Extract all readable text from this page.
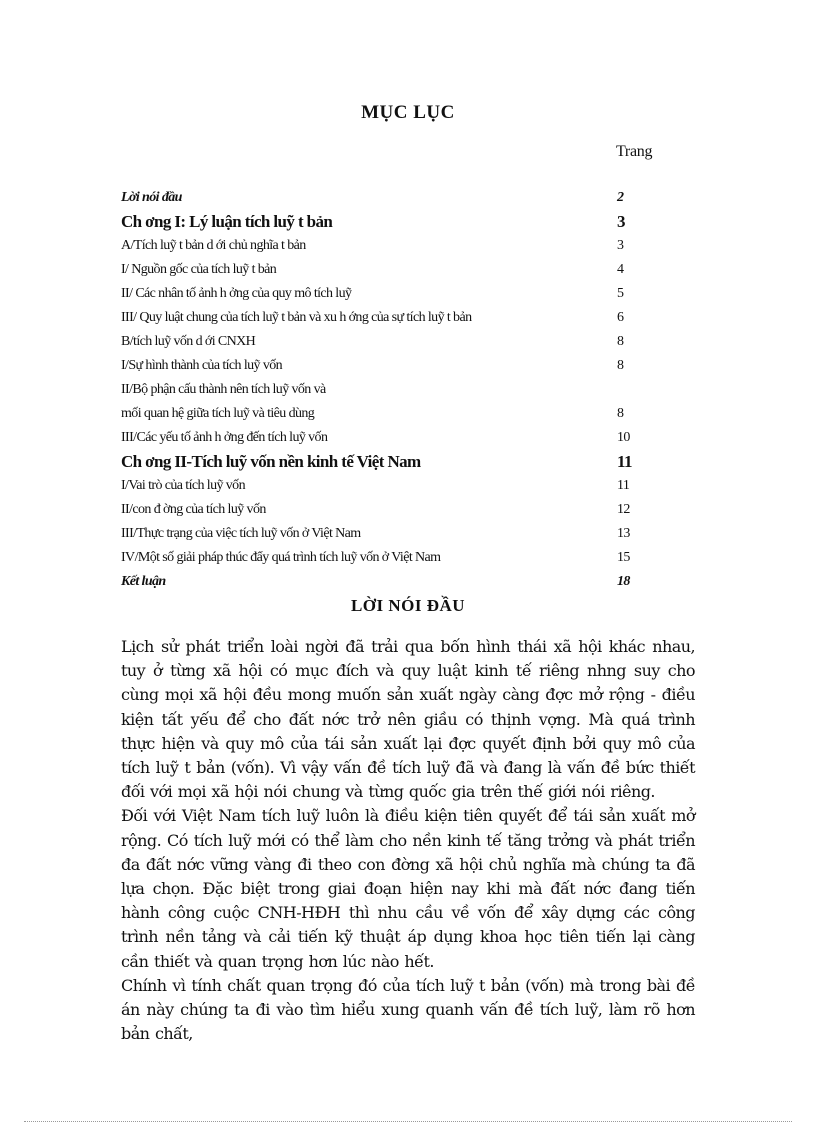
MỤC LỤC
Trang
Lời nói đầu	2
Ch ơng I: Lý luận tích luỹ t bản	3
A/Tích luỹ t bản d ới chủ nghĩa t bản	3
I/ Nguồn gốc của tích luỹ t bản	4
II/ Các nhân tố ảnh h ởng của quy mô tích luỹ	5
III/ Quy luật chung của tích luỹ t bản và xu h ớng của sự tích luỹ t bản	6
B/tích luỹ vốn d ới CNXH	8
I/Sự hình thành của tích luỹ vốn	8
II/Bộ phận cấu thành nên tích luỹ vốn và
mối quan hệ giữa tích luỹ và tiêu dùng	8
III/Các yếu tố ảnh h ởng đến tích luỹ vốn	10
Ch ơng II-Tích luỹ vốn nền kinh tế Việt Nam	11
I/Vai trò của tích luỹ vốn	11
II/con đ ờng của tích luỹ vốn	12
III/Thực trạng của việc tích luỹ vốn ở Việt Nam	13
IV/Một số giải pháp thúc đẩy quá trình tích luỹ vốn ở Việt Nam	15
Kết luận	18
LỜI NÓI ĐẦU

Lịch sử phát triển loài ngời đã trải qua bốn hình thái xã hội khác nhau, tuy ở từng xã hội có mục đích và quy luật kinh tế riêng nhng suy cho cùng mọi xã hội đều mong muốn sản xuất ngày càng đợc mở rộng - điều kiện tất yếu để cho đất nớc trở nên giầu có thịnh vợng. Mà quá trình thực hiện và quy mô của tái sản xuất lại đợc quyết định bởi quy mô của tích luỹ t bản (vốn). Vì vậy vấn đề tích luỹ đã và đang là vấn đề bức thiết đối với mọi xã hội nói chung và từng quốc gia trên thế giới nói riêng.

Đối với Việt Nam tích luỹ luôn là điều kiện tiên quyết để tái sản xuất mở rộng. Có tích luỹ mới có thể làm cho nền kinh tế tăng trởng và phát triển đa đất nớc vững vàng đi theo con đờng xã hội chủ nghĩa mà chúng ta đã lựa chọn. Đặc biệt trong giai đoạn hiện nay khi mà đất nớc đang tiến hành công cuộc CNH-HĐH thì nhu cầu về vốn để xây dựng các công trình nền tảng và cải tiến kỹ thuật áp dụng khoa học tiên tiến lại càng cần thiết và quan trọng hơn lúc nào hết.

Chính vì tính chất quan trọng đó của tích luỹ t bản (vốn) mà trong bài đề án này chúng ta đi vào tìm hiểu xung quanh vấn đề tích luỹ, làm rõ hơn bản chất,
